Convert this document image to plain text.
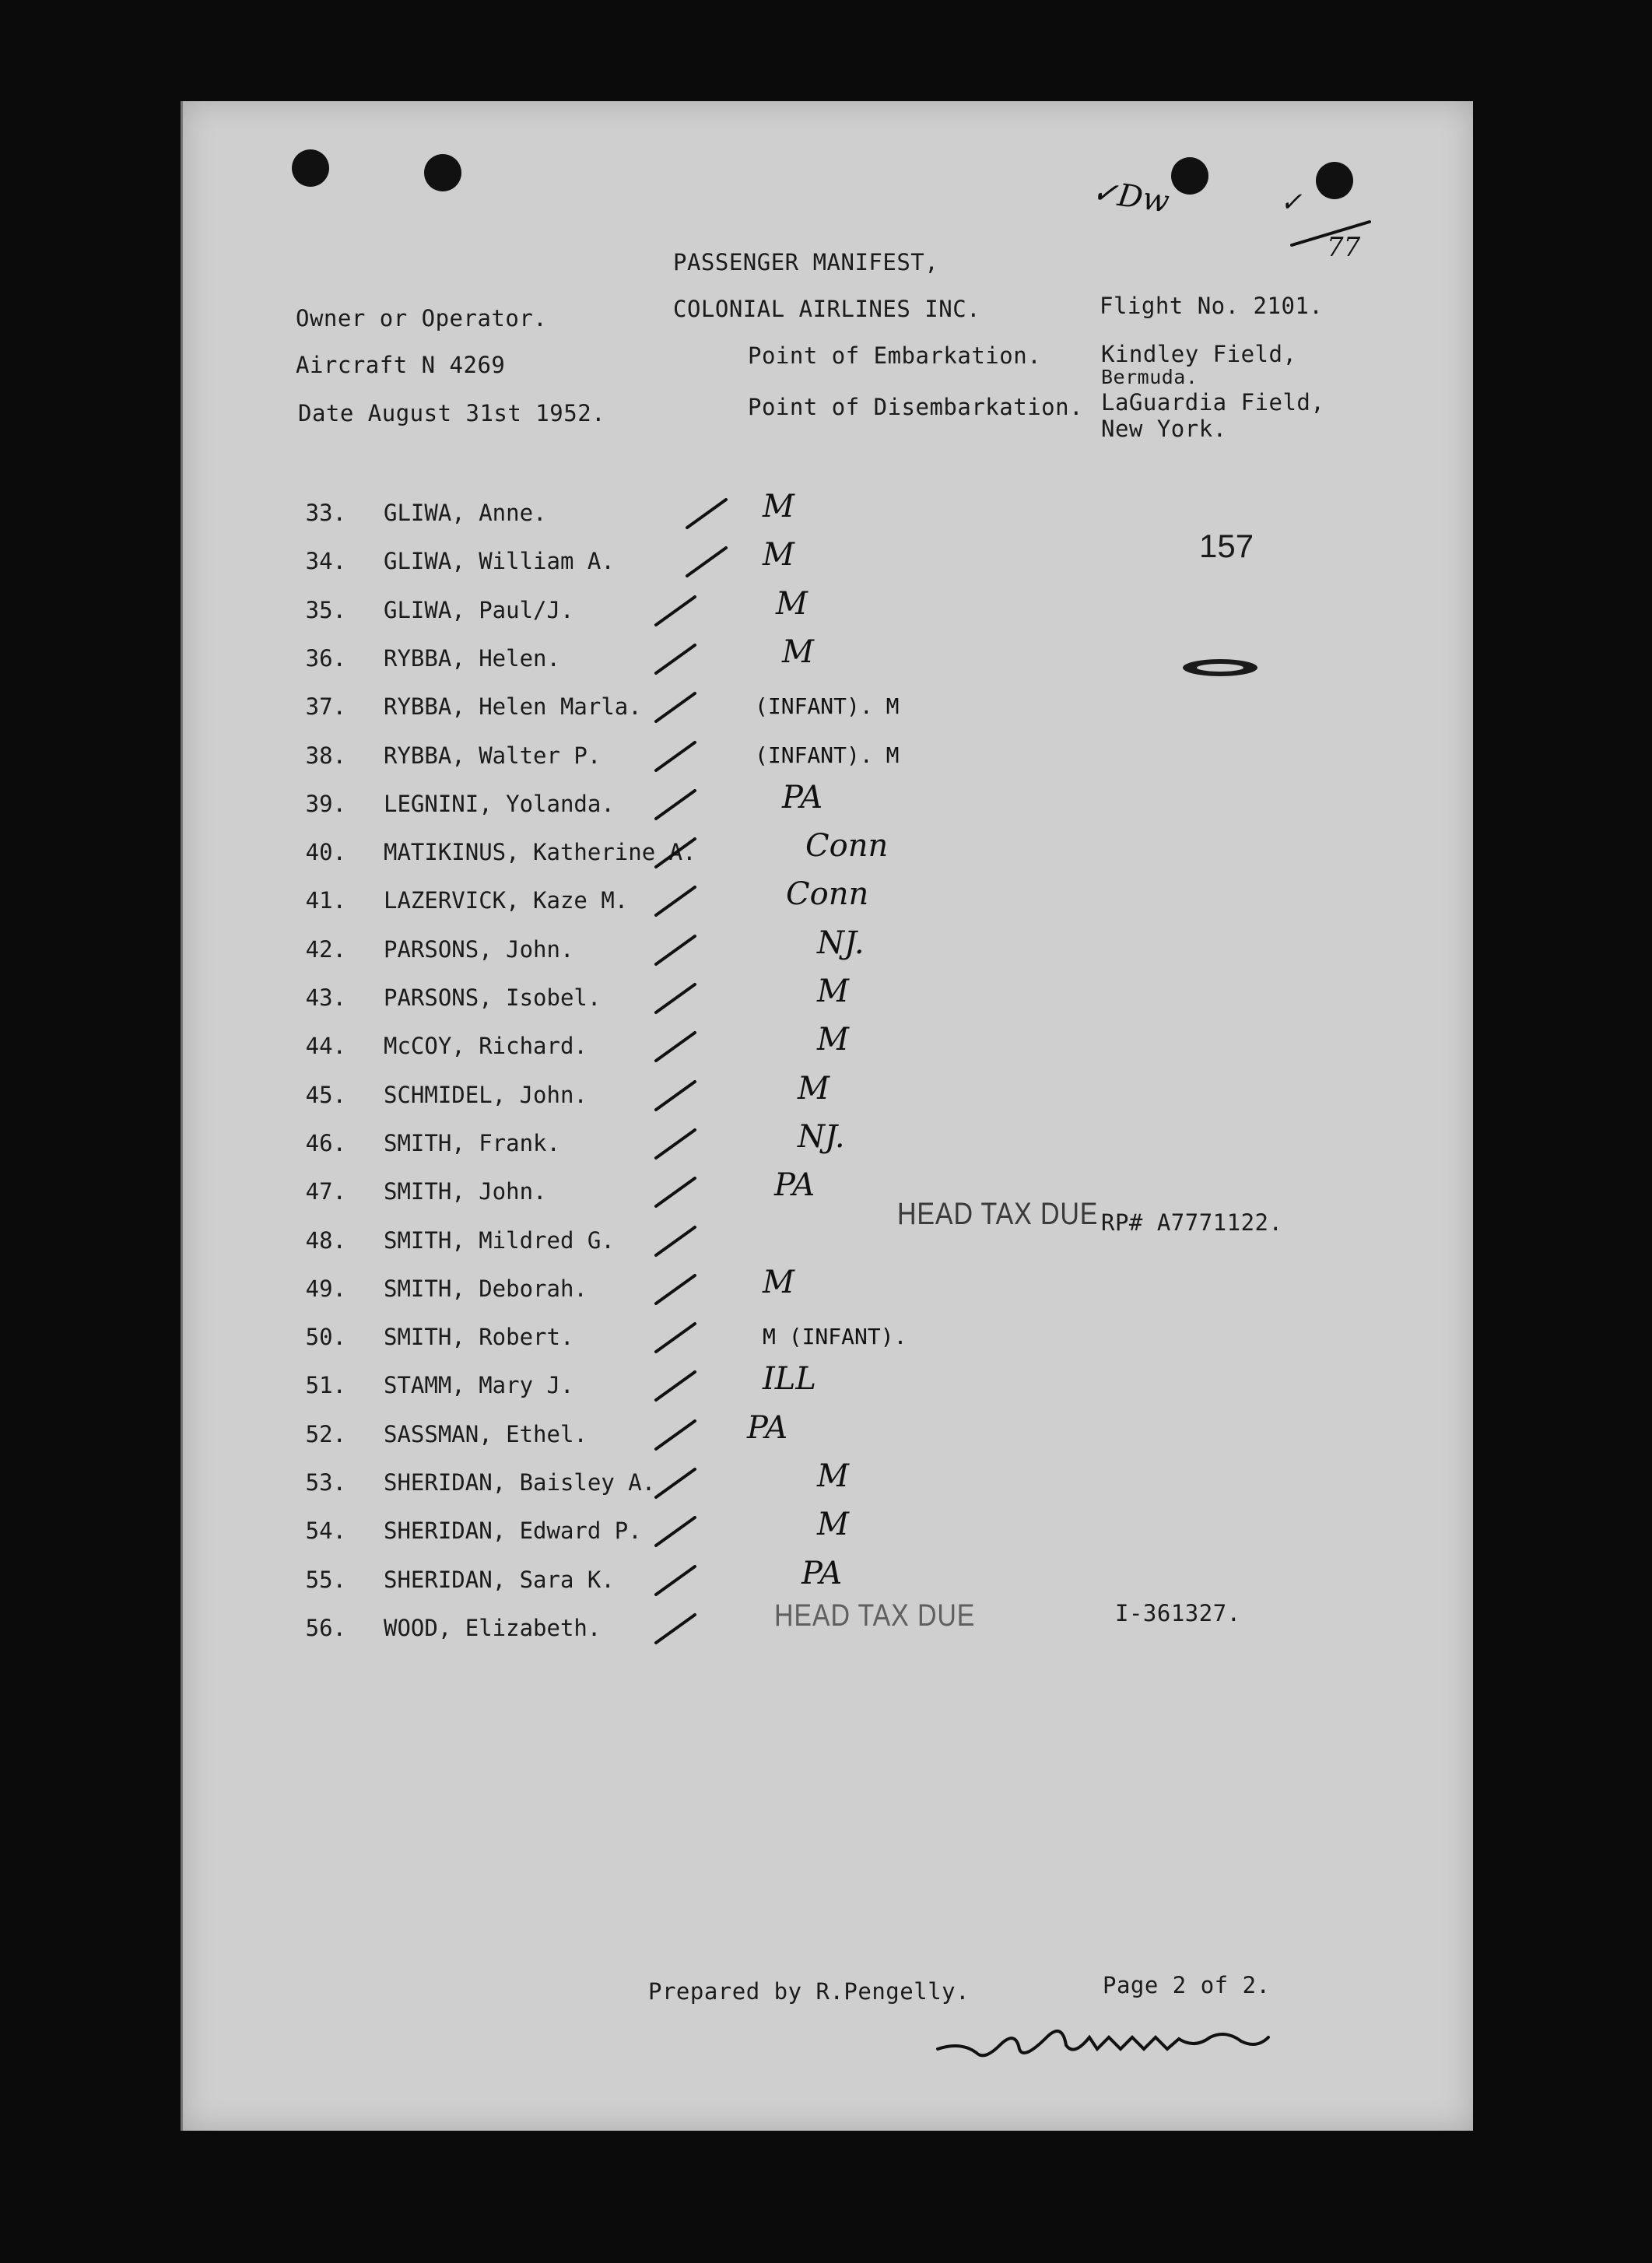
✓Dw	✓
77
PASSENGER MANIFEST,
Owner or Operator.	COLONIAL AIRLINES INC.	Flight No. 2101.
Aircraft N 4269	Point of Embarkation.	Kindley Field,
Bermuda.
Date August 31st 1952.	Point of Disembarkation. LaGuardia Field,
New York.
157
33. GLIWA, Anne.	M
34. GLIWA, William A.	M
35. GLIWA, Paul/J.	M
36. RYBBA, Helen.	M
37. RYBBA, Helen Marla.	(INFANT). M
38. RYBBA, Walter P.	(INFANT). M
39. LEGNINI, Yolanda.	PA
40. MATIKINUS, Katherine A.	Conn
41. LAZERVICK, Kaze M.	Conn
42. PARSONS, John.	NJ.
43. PARSONS, Isobel.	M
44. McCOY, Richard.	M
45. SCHMIDEL, John.	M
46. SMITH, Frank.	NJ.
47. SMITH, John.	PA
48. SMITH, Mildred G.
49. SMITH, Deborah.	M
50. SMITH, Robert.	M (INFANT).
51. STAMM, Mary J.	ILL
52. SASSMAN, Ethel.	PA
53. SHERIDAN, Baisley A.	M
54. SHERIDAN, Edward P.	M
55. SHERIDAN, Sara K.	PA
56. WOOD, Elizabeth.
HEAD TAX DUE RP# A7771122.
HEAD TAX DUE	I-361327.
Prepared by R.Pengelly.	Page 2 of 2.
